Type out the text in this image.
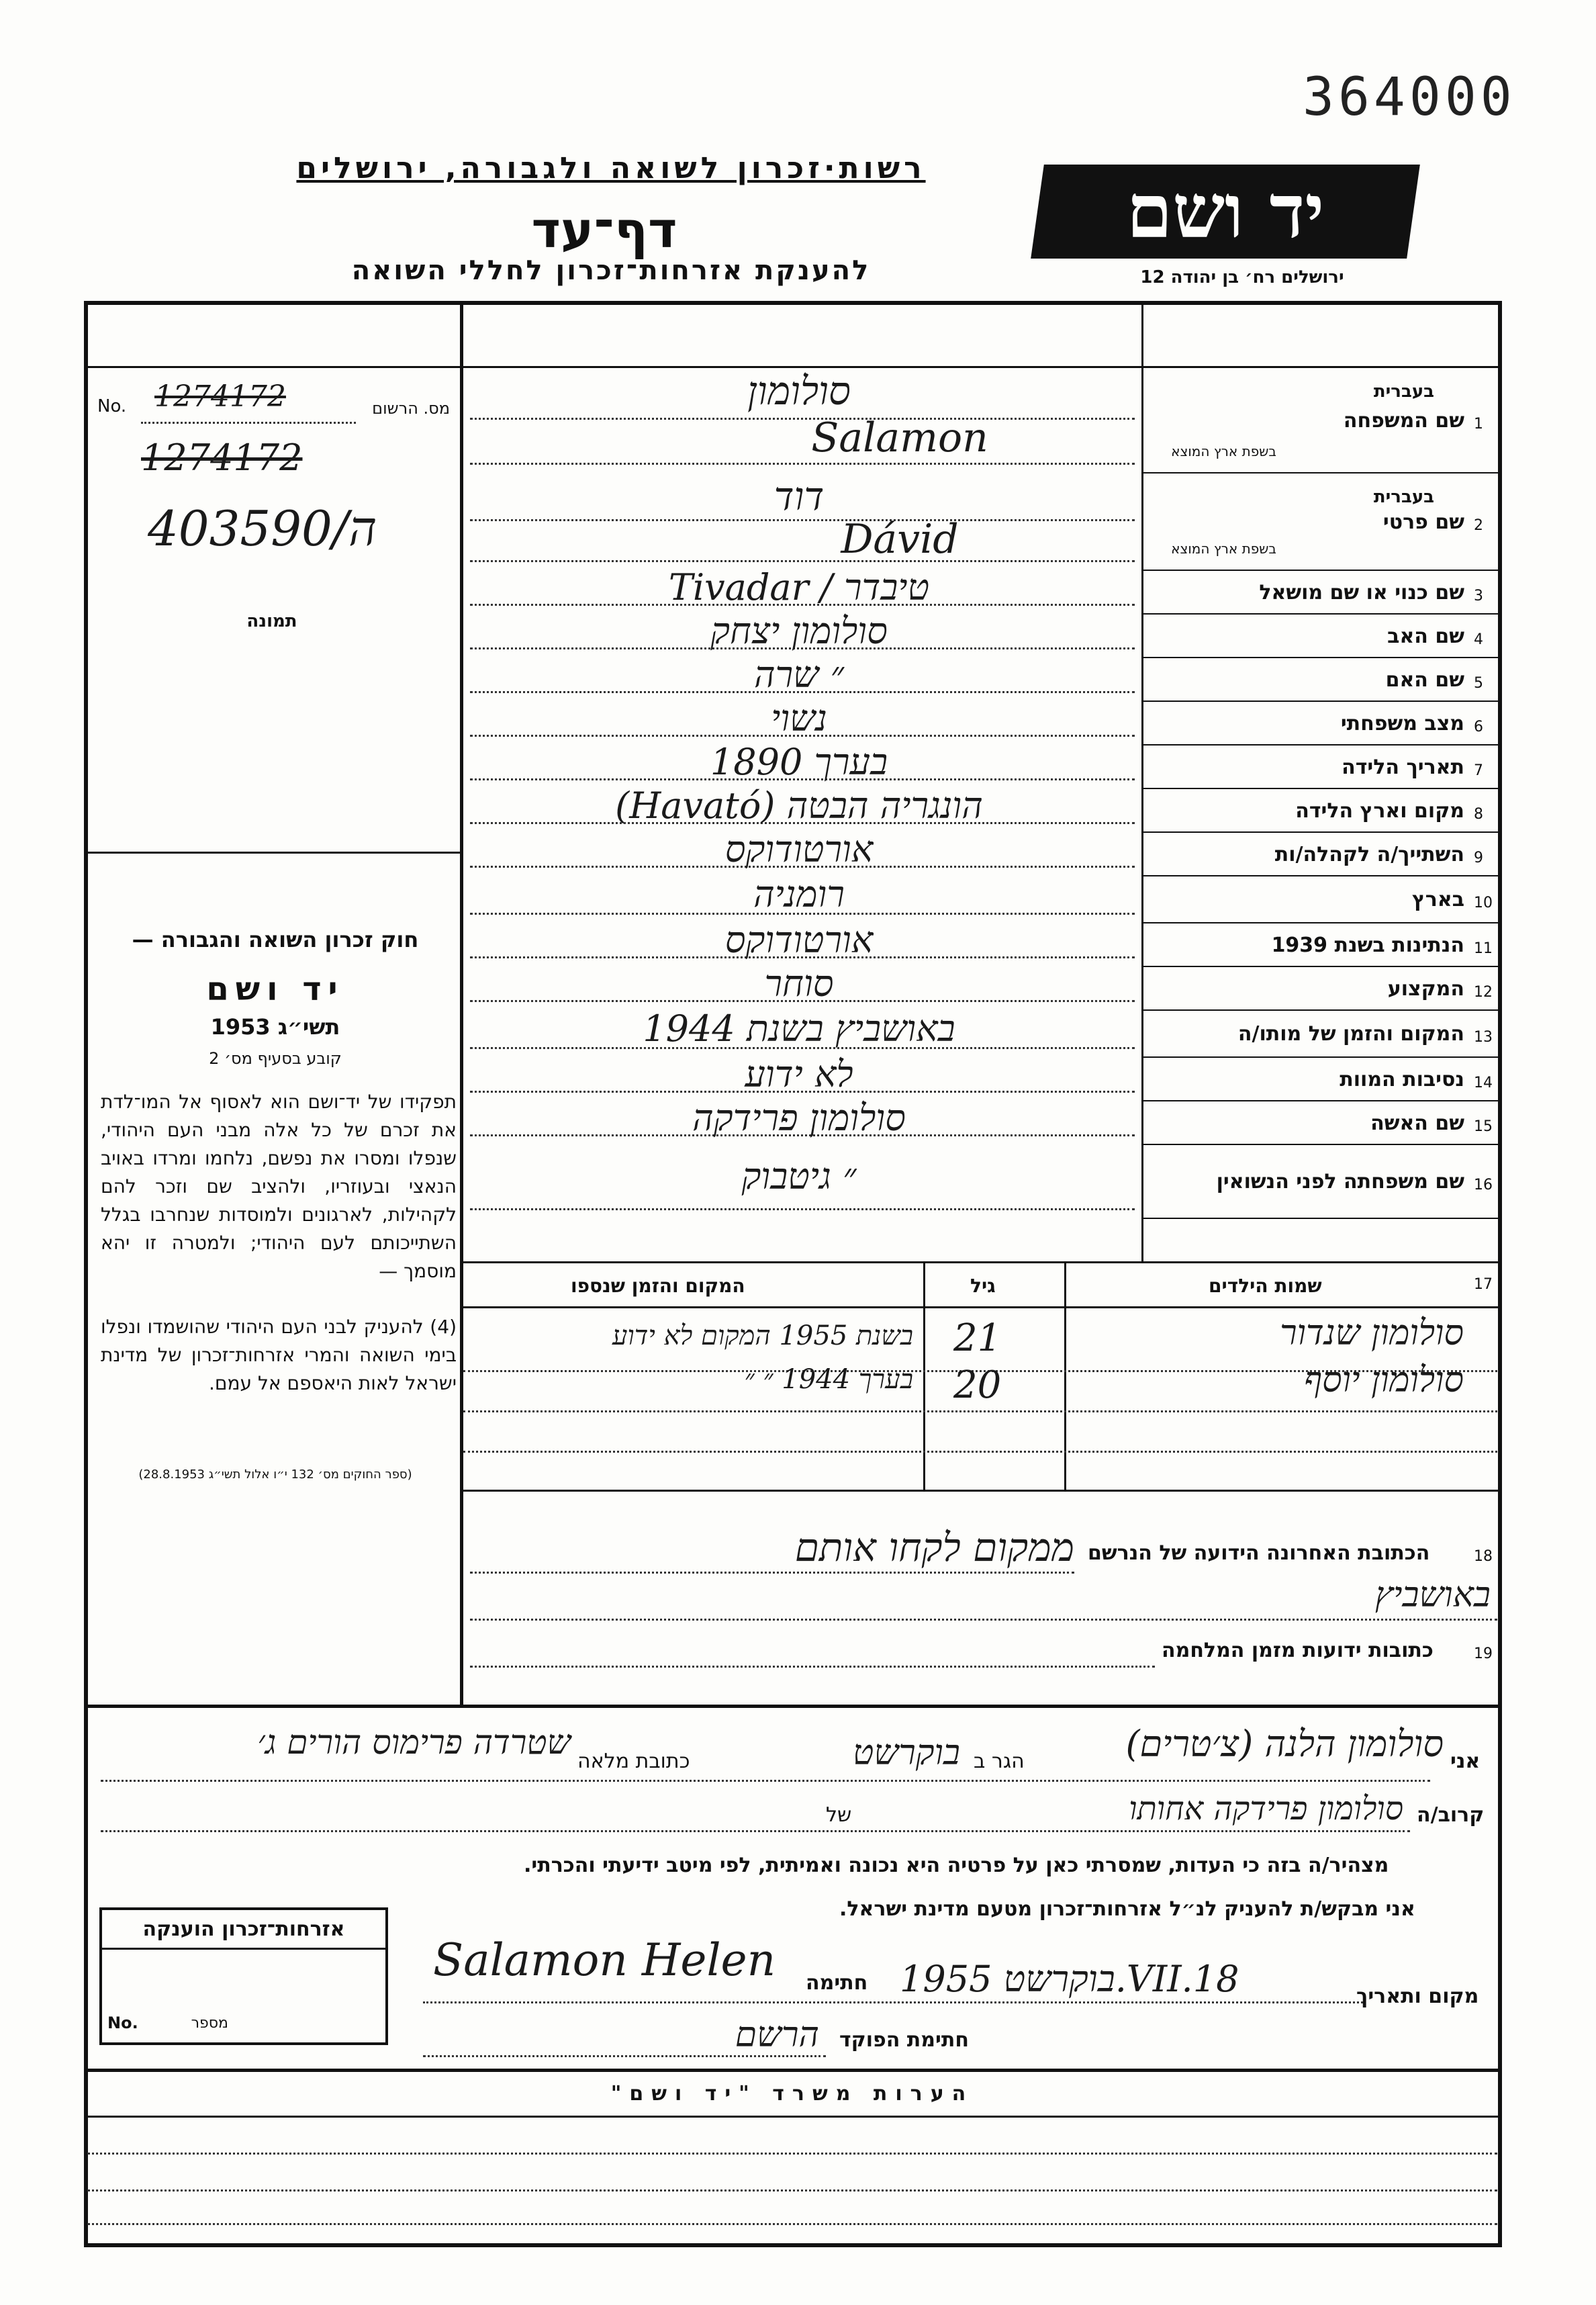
364000
רשות·זכרון לשואה ולגבורה, ירושלים
דף־עד
להענקת אזרחות־זכרון לחללי השואה
יד ושם
ירושלים רח׳ בן יהודה 12
No. 1274172	מס. הרשום
1274172
403590/ה
תמונה
חוק זכרון השואה והגבורה —
יד ושם
תשי״ג 1953
קובע בסעיף מס׳ 2
תפקידו של יד־ושם הוא לאסוף אל המו־לדת את זכרם של כל אלה מבני העם היהודי, שנפלו ומסרו את נפשם, נלחמו ומרדו באויב הנאצי ובעוזריו, ולהציב שם וזכר להם לקהילות, לארגונים ולמוסדות שנחרבו בגלל השתייכותם לעם היהודי; ולמטרה זו יהא מוסמך —
(4) להעניק לבני העם היהודי שהושמדו ונפלו בימי השואה והמרי אזרחות־זכרון של מדינת ישראל לאות היאספם אל עמם.
(ספר החוקים מס׳ 132 י״ו אלול תשי״ג 28.8.1953)
1
שם המשפחה
בעברית
בשפת ארץ המוצא
סולומון
Salamon
2
שם פרטי
בעברית
בשפת ארץ המוצא
דוד
Dávid
3
שם כנוי או שם מושאל
טיבדר / Tivadar
4
שם האב
סולומון יצחק
5
שם האם
״ שרה
6
מצב משפחתי
נשוי
7
תאריך הלידה
בערך 1890
8
מקום וארץ הלידה
הונגריה הבטה (Havató)
9
השתייך/ה לקהלה/ות
אורטודוקס
10
בארץ
רומניה
11
הנתינות בשנת 1939
אורטודוקס
12
המקצוע
סוחר
13
המקום והזמן של מותו/ה
באושביץ בשנת 1944
14
נסיבות המוות
לא ידוע
15
שם האשה
סולומון פרידקה
16
שם משפחתה לפני הנשואין
״ גיטבוק
17
שמות הילדים
גיל
המקום והזמן שנספו
סולומון שנדור
21
בשנת 1955 המקום לא ידוע
סולומון יוסף
20
בערך 1944 ״ ״
18
הכתובת האחרונה הידועה של הנרשם
ממקום לקחו אותם
באושביץ
19
כתובות ידועות מזמן המלחמה
אני
סולומון הלנה (צ׳טרים)
הגר ב
בוקרשט
כתובת מלאה
שטרדה פרימוס הורים ג׳
קרוב/ה
סולומון פרידקה אחותו
של
מצהיר/ה בזה כי העדות, שמסרתי כאן על פרטיה היא נכונה ואמיתית, לפי מיטב ידיעתי והכרתי.
אני מבקש/ת להעניק לנ״ל אזרחות־זכרון מטעם מדינת ישראל.
מקום ותאריך
בוקרשט 1955.VII.18
חתימה
Salamon Helen
חתימת הפוקד
הרשם
אזרחות־זכרון הוענקה
No.	מספר
הערות משרד "יד ושם"
